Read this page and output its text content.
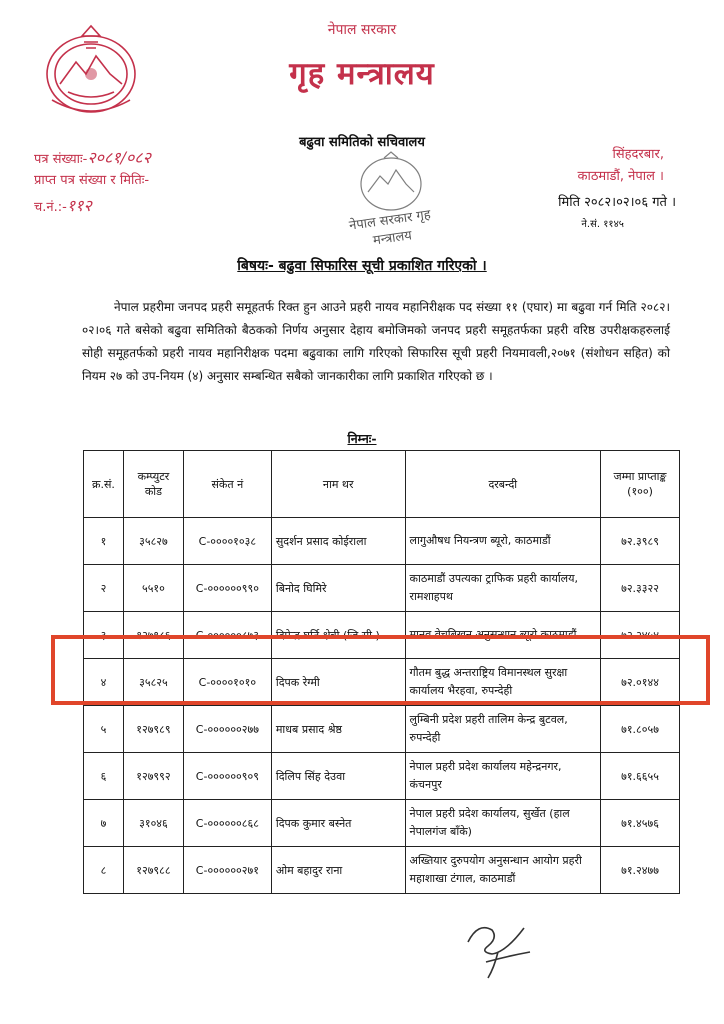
नेपाल सरकार
गृह मन्त्रालय
पत्र संख्याः-२०८१/०८२
प्राप्त पत्र संख्या र मितिः-
च.नं.:-११२
बढुवा समितिको सचिवालय
नेपाल सरकार गृह मन्त्रालय
सिंहदरबार,
काठमाडौं, नेपाल ।
मिति २०८२।०२।०६ गते ।
ने.सं. ११४५
बिषयः- बढुवा सिफारिस सूची प्रकाशित गरिएको ।
नेपाल प्रहरीमा जनपद प्रहरी समूहतर्फ रिक्त हुन आउने प्रहरी नायव महानिरीक्षक पद संख्या ११ (एघार) मा बढुवा गर्न मिति २०८२।०२।०६ गते बसेको बढुवा समितिको बैठकको निर्णय अनुसार देहाय बमोजिमको जनपद प्रहरी समूहतर्फका प्रहरी वरिष्ठ उपरीक्षकहरुलाई सोही समूहतर्फको प्रहरी नायव महानिरीक्षक पदमा बढुवाका लागि गरिएको सिफारिस सूची प्रहरी नियमावली,२०७१ (संशोधन सहित) को नियम २७ को उप-नियम (४) अनुसार सम्बन्धित सबैको जानकारीका लागि प्रकाशित गरिएको छ ।
निम्नः-
क्र.सं.	कम्प्युटर कोड	संकेत नं	नाम थर	दरबन्दी	जम्मा प्राप्ताङ्क (१००)
१	३५८२७	C-००००१०३८	सुदर्शन प्रसाद कोईराला	लागुऔषध नियन्त्रण ब्यूरो, काठमाडौं	७२.३९८९
२	५५१०	C-००००००९९०	बिनोद घिमिरे	काठमाडौं उपत्यका ट्राफिक प्रहरी कार्यालय, रामशाहपथ	७२.३३२२
३	१२७९८६	C-००००००८७३	दिपेन्द्र घर्ति क्षेत्री (जि.सी.)	मानव वेचबिखन अनुसन्धान ब्यूरो काठमाडौं	७२.२४५४
४	३५८२५	C-००००१०१०	दिपक रेग्मी	गौतम बुद्ध अन्तराष्ट्रिय विमानस्थल सुरक्षा कार्यालय भैरहवा, रुपन्देही	७२.०१४४
५	१२७९८९	C-००००००२७७	माधब प्रसाद श्रेष्ठ	लुम्बिनी प्रदेश प्रहरी तालिम केन्द्र बुटवल, रुपन्देही	७१.८०५७
६	१२७९९२	C-००००००९०९	दिलिप सिंह देउवा	नेपाल प्रहरी प्रदेश कार्यालय महेन्द्रनगर, कंचनपुर	७१.६६५५
७	३१०४६	C-००००००८६८	दिपक कुमार बस्नेत	नेपाल प्रहरी प्रदेश कार्यालय, सुर्खेत (हाल नेपालगंज बाँके)	७१.४५७६
८	१२७९८८	C-००००००२७१	ओम बहादुर राना	अख्तियार दुरुपयोग अनुसन्धान आयोग प्रहरी महाशाखा टंगाल, काठमाडौं	७१.२४७७
